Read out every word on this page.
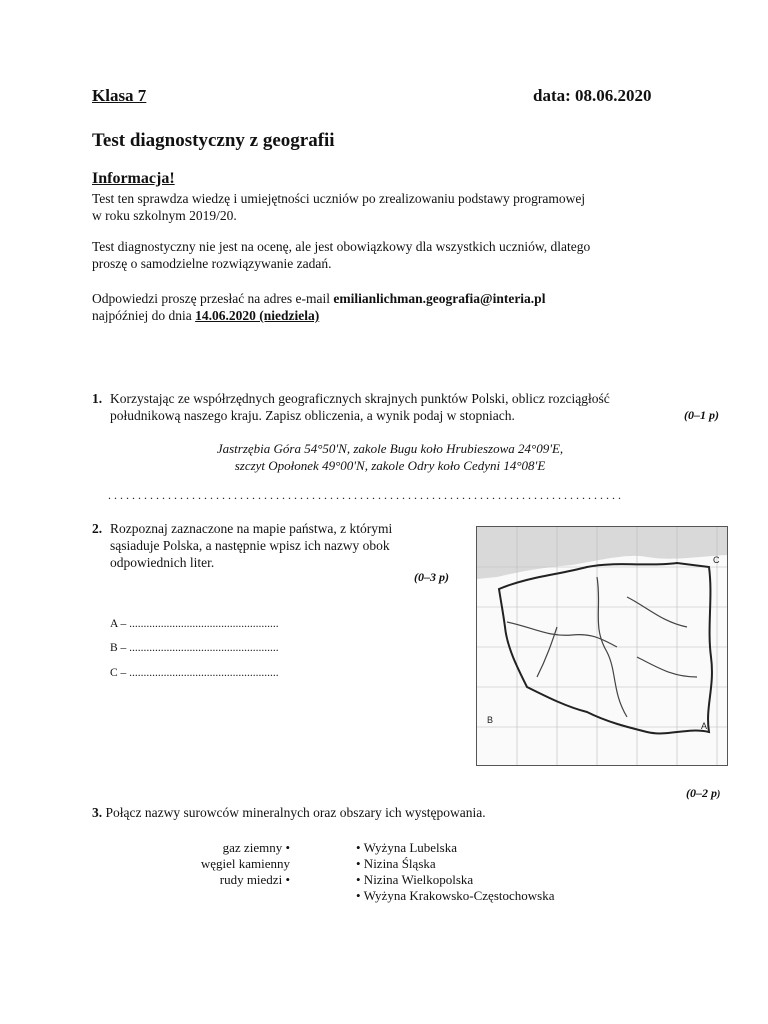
Klasa 7	data: 08.06.2020
Test diagnostyczny z geografii
Informacja!
Test ten sprawdza wiedzę i umiejętności uczniów po zrealizowaniu podstawy programowej
w roku szkolnym 2019/20.
Test diagnostyczny nie jest na ocenę, ale jest obowiązkowy dla wszystkich uczniów, dlatego
proszę o samodzielne rozwiązywanie zadań.
Odpowiedzi proszę przesłać na adres e-mail emilianlichman.geografia@interia.pl
najpóźniej do dnia 14.06.2020 (niedziela)
1. Korzystając ze współrzędnych geograficznych skrajnych punktów Polski, oblicz rozciągłość
południkową naszego kraju. Zapisz obliczenia, a wynik podaj w stopniach.	(0–1 p)
Jastrzębia Góra 54°50'N, zakole Bugu koło Hrubieszowa 24°09'E,
szczyt Opołonek 49°00'N, zakole Odry koło Cedyni 14°08'E
......................................................................................
2. Rozpoznaj zaznaczone na mapie państwa, z którymi
sąsiaduje Polska, a następnie wpisz ich nazwy obok
odpowiednich liter.
(0–3 p)
A – ....................................................
B – ....................................................
C – ....................................................
B
A
C
(0–2 p)
3. Połącz nazwy surowców mineralnych oraz obszary ich występowania.
gaz ziemny •
węgiel kamienny
rudy miedzi •
• Wyżyna Lubelska
• Nizina Śląska
• Nizina Wielkopolska
• Wyżyna Krakowsko-Częstochowska
